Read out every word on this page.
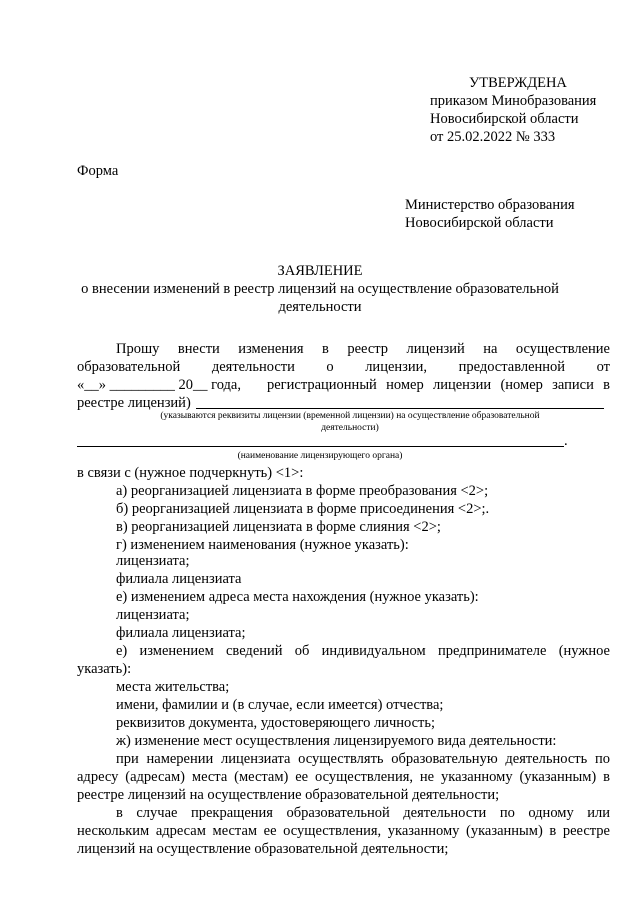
УТВЕРЖДЕНА
приказом Минобразования
Новосибирской области
от 25.02.2022 № 333
Форма
Министерство образования
Новосибирской области
ЗАЯВЛЕНИЕ
о внесении изменений в реестр лицензий на осуществление образовательной
деятельности
Прошу внести изменения в реестр лицензий на осуществление
образовательной деятельности о лицензии, предоставленной от
«__» _________ 20__ года, регистрационный номер лицензии (номер записи в
реестре лицензий)
(указываются реквизиты лицензии (временной лицензии) на осуществление образовательной
деятельности)
.
(наименование лицензирующего органа)
в связи с (нужное подчеркнуть) <1>:
а) реорганизацией лицензиата в форме преобразования <2>;
б) реорганизацией лицензиата в форме присоединения <2>;.
в) реорганизацией лицензиата в форме слияния <2>;
г) изменением наименования (нужное указать):
лицензиата;
филиала лицензиата
е) изменением адреса места нахождения (нужное указать):
лицензиата;
филиала лицензиата;
е) изменением сведений об индивидуальном предпринимателе (нужное
указать):
места жительства;
имени, фамилии и (в случае, если имеется) отчества;
реквизитов документа, удостоверяющего личность;
ж) изменение мест осуществления лицензируемого вида деятельности:
при намерении лицензиата осуществлять образовательную деятельность по
адресу (адресам) места (местам) ее осуществления, не указанному (указанным) в
реестре лицензий на осуществление образовательной деятельности;
в случае прекращения образовательной деятельности по одному или
нескольким адресам местам ее осуществления, указанному (указанным) в реестре
лицензий на осуществление образовательной деятельности;
